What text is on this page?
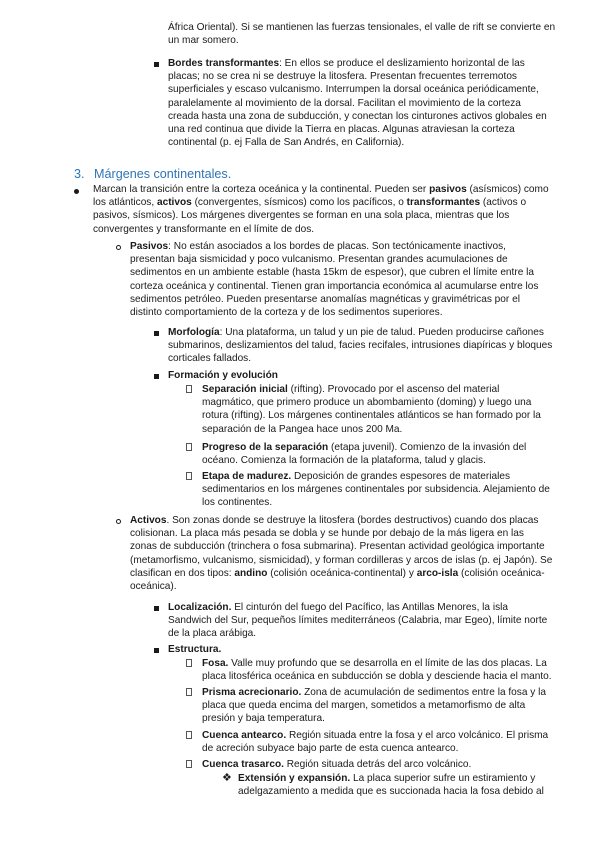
África Oriental). Si se mantienen las fuerzas tensionales, el valle de rift se convierte en un mar somero.
Bordes transformantes: En ellos se produce el deslizamiento horizontal de las placas; no se crea ni se destruye la litosfera. Presentan frecuentes terremotos superficiales y escaso vulcanismo. Interrumpen la dorsal oceánica periódicamente, paralelamente al movimiento de la dorsal. Facilitan el movimiento de la corteza creada hasta una zona de subducción, y conectan los cinturones activos globales en una red continua que divide la Tierra en placas. Algunas atraviesan la corteza continental (p. ej Falla de San Andrés, en California).
3. Márgenes continentales.
Marcan la transición entre la corteza oceánica y la continental. Pueden ser pasivos (asísmicos) como los atlánticos, activos (convergentes, sísmicos) como los pacíficos, o transformantes (activos o pasivos, sísmicos). Los márgenes divergentes se forman en una sola placa, mientras que los convergentes y transformante en el límite de dos.
Pasivos: No están asociados a los bordes de placas. Son tectónicamente inactivos, presentan baja sismicidad y poco vulcanismo. Presentan grandes acumulaciones de sedimentos en un ambiente estable (hasta 15km de espesor), que cubren el límite entre la corteza oceánica y continental. Tienen gran importancia económica al acumularse entre los sedimentos petróleo. Pueden presentarse anomalías magnéticas y gravimétricas por el distinto comportamiento de la corteza y de los sedimentos superiores.
Morfología: Una plataforma, un talud y un pie de talud. Pueden producirse cañones submarinos, deslizamientos del talud, facies recifales, intrusiones diapíricas y bloques corticales fallados.
Formación y evolución
Separación inicial (rifting). Provocado por el ascenso del material magmático, que primero produce un abombamiento (doming) y luego una rotura (rifting). Los márgenes continentales atlánticos se han formado por la separación de la Pangea hace unos 200 Ma.
Progreso de la separación (etapa juvenil). Comienzo de la invasión del océano. Comienza la formación de la plataforma, talud y glacis.
Etapa de madurez. Deposición de grandes espesores de materiales sedimentarios en los márgenes continentales por subsidencia. Alejamiento de los continentes.
Activos. Son zonas donde se destruye la litosfera (bordes destructivos) cuando dos placas colisionan. La placa más pesada se dobla y se hunde por debajo de la más ligera en las zonas de subducción (trinchera o fosa submarina). Presentan actividad geológica importante (metamorfismo, vulcanismo, sismicidad), y forman cordilleras y arcos de islas (p. ej Japón). Se clasifican en dos tipos: andino (colisión oceánica-continental) y arco-isla (colisión oceánica-oceánica).
Localización. El cinturón del fuego del Pacífico, las Antillas Menores, la isla Sandwich del Sur, pequeños límites mediterráneos (Calabria, mar Egeo), límite norte de la placa arábiga.
Estructura.
Fosa. Valle muy profundo que se desarrolla en el límite de las dos placas. La placa litosférica oceánica en subducción se dobla y desciende hacia el manto.
Prisma acrecionario. Zona de acumulación de sedimentos entre la fosa y la placa que queda encima del margen, sometidos a metamorfismo de alta presión y baja temperatura.
Cuenca antearco. Región situada entre la fosa y el arco volcánico. El prisma de acreción subyace bajo parte de esta cuenca antearco.
Cuenca trasarco. Región situada detrás del arco volcánico.
❖ Extensión y expansión. La placa superior sufre un estiramiento y adelgazamiento a medida que es succionada hacia la fosa debido al
